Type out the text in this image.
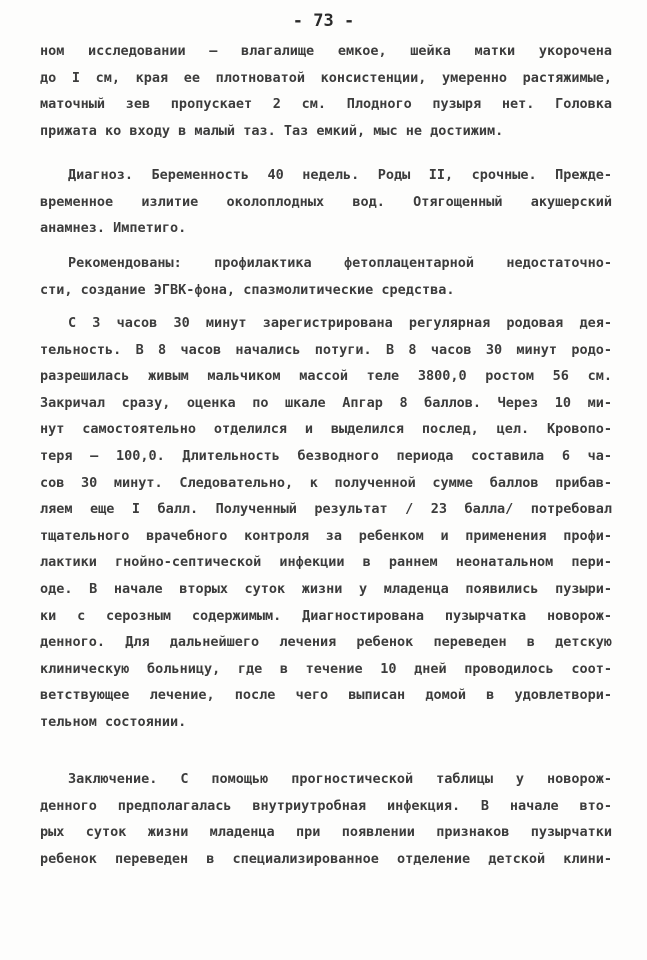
- 73 -
ном исследовании – влагалище емкое, шейка матки укорочена
до I см, края ее плотноватой консистенции, умеренно растяжимые,
маточный зев пропускает 2 см. Плодного пузыря нет. Головка
прижата ко входу в малый таз. Таз емкий, мыс не достижим.
Диагноз. Беременность 40 недель. Роды II, срочные. Преждe-
временное излитие околоплодных вод. Отягощенный акушерский
анамнез. Импетиго.
Рекомендованы: профилактика фетоплацентарной недостаточно-
сти, создание ЭГВК-фона, спазмолитические средства.
С 3 часов 30 минут зарегистрирована регулярная родовая дея-
тельность. В 8 часов начались потуги. В 8 часов 30 минут родо-
разрешилась живым мальчиком массой теле 3800,0 ростом 56 см.
Закричал сразу, оценка по шкале Апгар 8 баллов. Через 10 ми-
нут самостоятельно отделился и выделился послед, цел. Кровопо-
теря – 100,0. Длительность безводного периода составила 6 ча-
сов 30 минут. Следовательно, к полученной сумме баллов прибав-
ляем еще I балл. Полученный результат / 23 балла/ потребовал
тщательного врачебного контроля за ребенком и применения профи-
лактики гнойно-септической инфекции в раннем неонатальном пери-
оде. В начале вторых суток жизни у младенца появились пузыри-
ки с серозным содержимым. Диагностирована пузырчатка новорож-
денного. Для дальнейшего лечения ребенок переведен в детскую
клиническую больницу, где в течение 10 дней проводилось соот-
ветствующее лечение, после чего выписан домой в удовлетвори-
тельном состоянии.
Заключение. С помощью прогностической таблицы у новорож-
денного предполагалась внутриутробная инфекция. В начале вто-
рых суток жизни младенца при появлении признаков пузырчатки
ребенок переведен в специализированное отделение детской клини-
